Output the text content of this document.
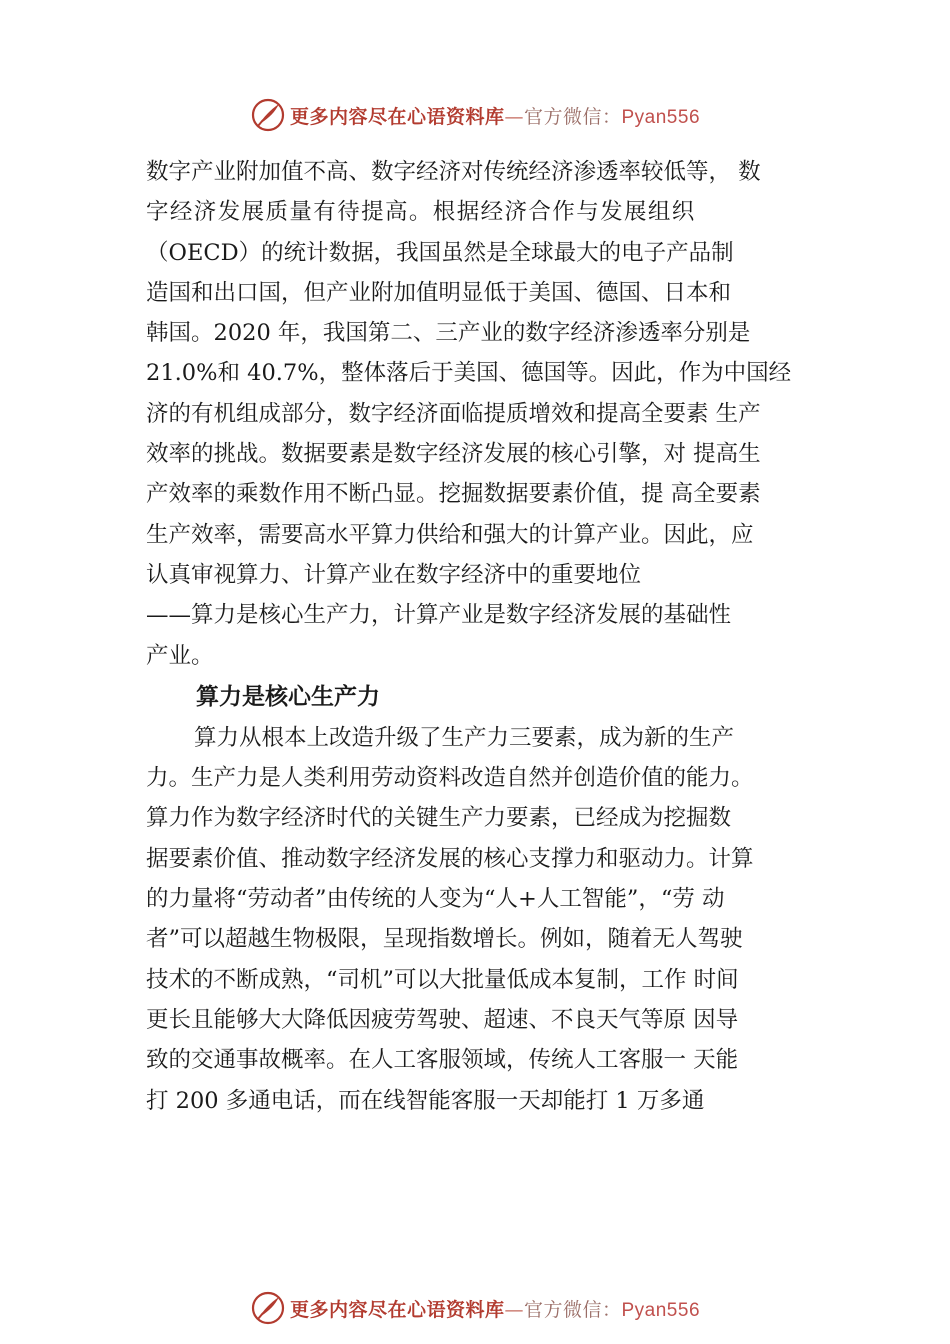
更多内容尽在心语资料库—官方微信：Pyan556
数字产业附加值不高、数字经济对传统经济渗透率较低等， 数
字经济发展质量有待提高。根据经济合作与发展组织
（OECD）的统计数据，我国虽然是全球最大的电子产品制
造国和出口国，但产业附加值明显低于美国、德国、日本和
韩国。2020 年，我国第二、三产业的数字经济渗透率分别是
21.0%和 40.7%，整体落后于美国、德国等。因此，作为中国经
济的有机组成部分，数字经济面临提质增效和提高全要素 生产
效率的挑战。数据要素是数字经济发展的核心引擎，对 提高生
产效率的乘数作用不断凸显。挖掘数据要素价值，提 高全要素
生产效率，需要高水平算力供给和强大的计算产业。因此，应
认真审视算力、计算产业在数字经济中的重要地位
——算力是核心生产力，计算产业是数字经济发展的基础性
产业。
算力是核心生产力
算力从根本上改造升级了生产力三要素，成为新的生产
力。生产力是人类利用劳动资料改造自然并创造价值的能力。
算力作为数字经济时代的关键生产力要素，已经成为挖掘数
据要素价值、推动数字经济发展的核心支撑力和驱动力。计算
的力量将“劳动者”由传统的人变为“人+人工智能”，“劳 动
者”可以超越生物极限，呈现指数增长。例如，随着无人驾驶
技术的不断成熟，“司机”可以大批量低成本复制，工作 时间
更长且能够大大降低因疲劳驾驶、超速、不良天气等原 因导
致的交通事故概率。在人工客服领域，传统人工客服一 天能
打 200 多通电话，而在线智能客服一天却能打 1 万多通
更多内容尽在心语资料库—官方微信：Pyan556
